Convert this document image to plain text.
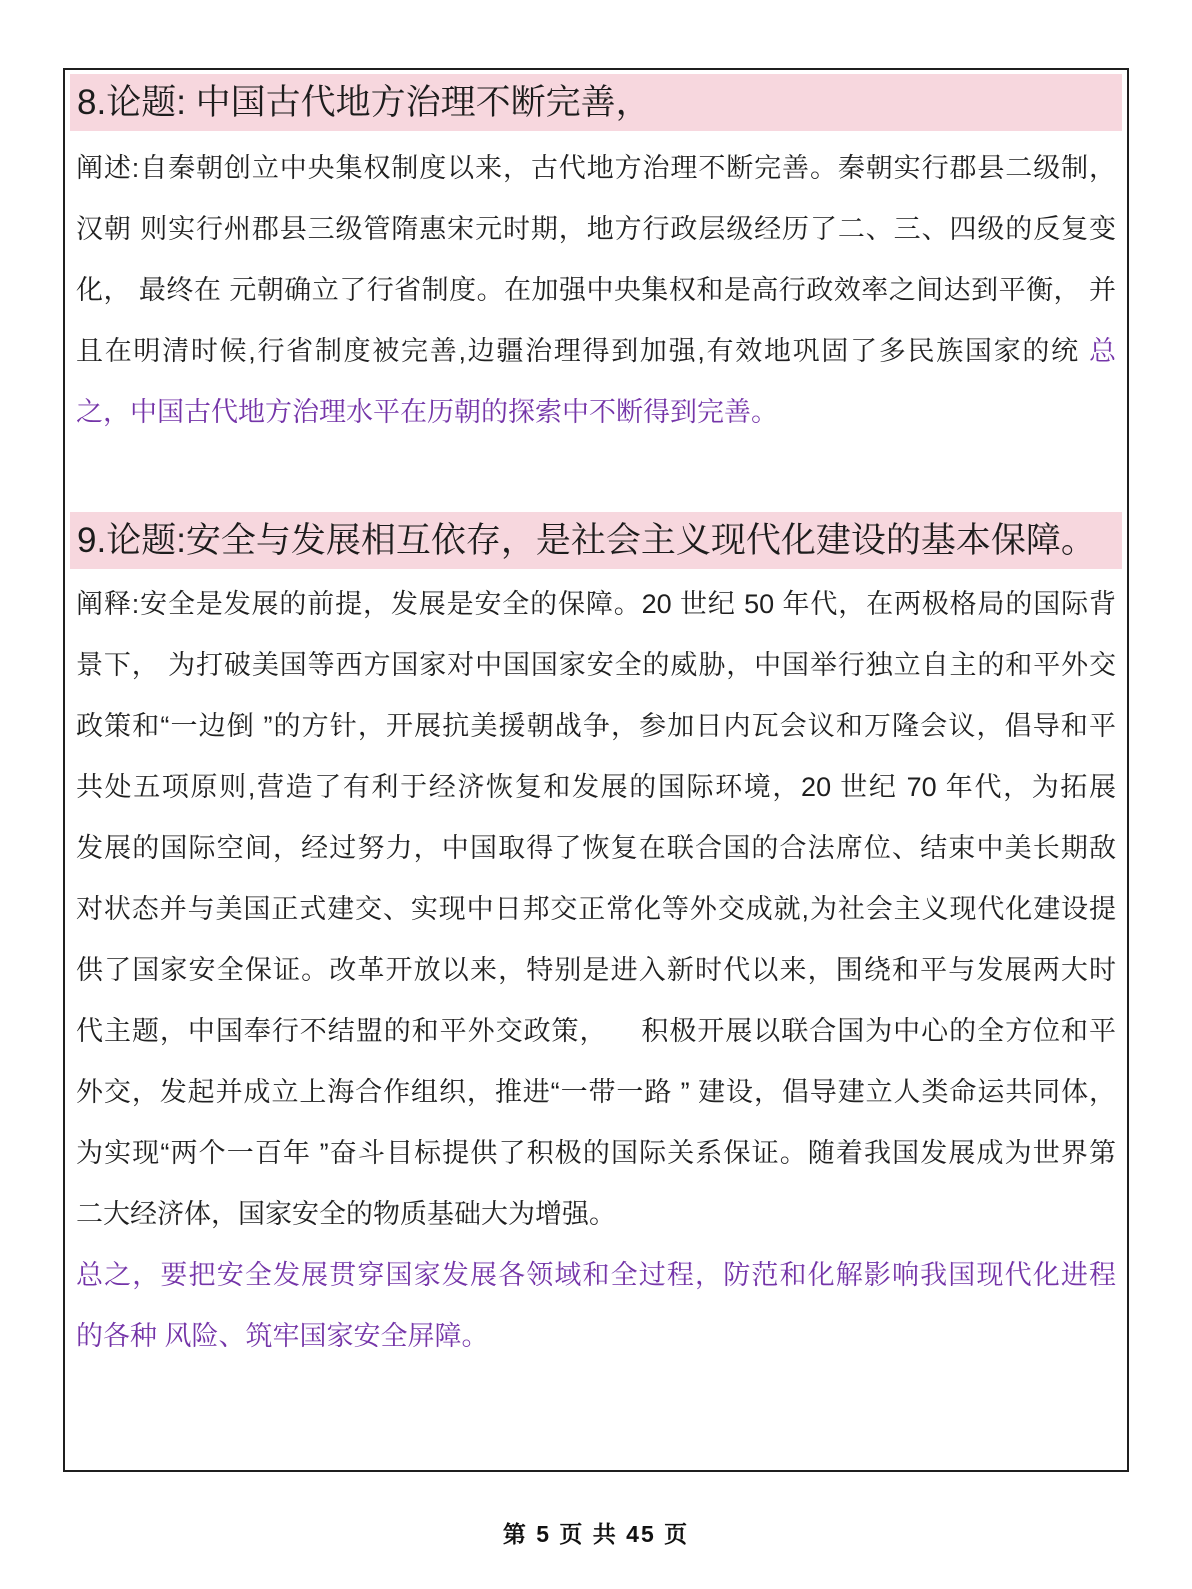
8.论题: 中国古代地方治理不断完善，
阐述:自秦朝创立中央集权制度以来，古代地方治理不断完善。秦朝实行郡县二级制，
汉朝 则实行州郡县三级管隋惠宋元时期，地方行政层级经历了二、三、四级的反复变
化， 最终在 元朝确立了行省制度。在加强中央集权和是高行政效率之间达到平衡， 并
且在明清时候,行省制度被完善,边疆治理得到加强,有效地巩固了多民族国家的统 总
之，中国古代地方治理水平在历朝的探索中不断得到完善。
9.论题:安全与发展相互依存，是社会主义现代化建设的基本保障。
阐释:安全是发展的前提，发展是安全的保障。20 世纪 50 年代，在两极格局的国际背
景下， 为打破美国等西方国家对中国国家安全的威胁，中国举行独立自主的和平外交
政策和“一边倒 ”的方针，开展抗美援朝战争，参加日内瓦会议和万隆会议，倡导和平
共处五项原则,营造了有利于经济恢复和发展的国际环境，20 世纪 70 年代，为拓展
发展的国际空间，经过努力，中国取得了恢复在联合国的合法席位、结束中美长期敌
对状态并与美国正式建交、实现中日邦交正常化等外交成就,为社会主义现代化建设提
供了国家安全保证。改革开放以来，特别是进入新时代以来，围绕和平与发展两大时
代主题，中国奉行不结盟的和平外交政策，    积极开展以联合国为中心的全方位和平
外交，发起并成立上海合作组织，推进“一带一路 ” 建设，倡导建立人类命运共同体，
为实现“两个一百年 ”奋斗目标提供了积极的国际关系保证。随着我国发展成为世界第
二大经济体，国家安全的物质基础大为增强。
总之，要把安全发展贯穿国家发展各领域和全过程，防范和化解影响我国现代化进程
的各种 风险、筑牢国家安全屏障。
第 5 页 共 45 页
